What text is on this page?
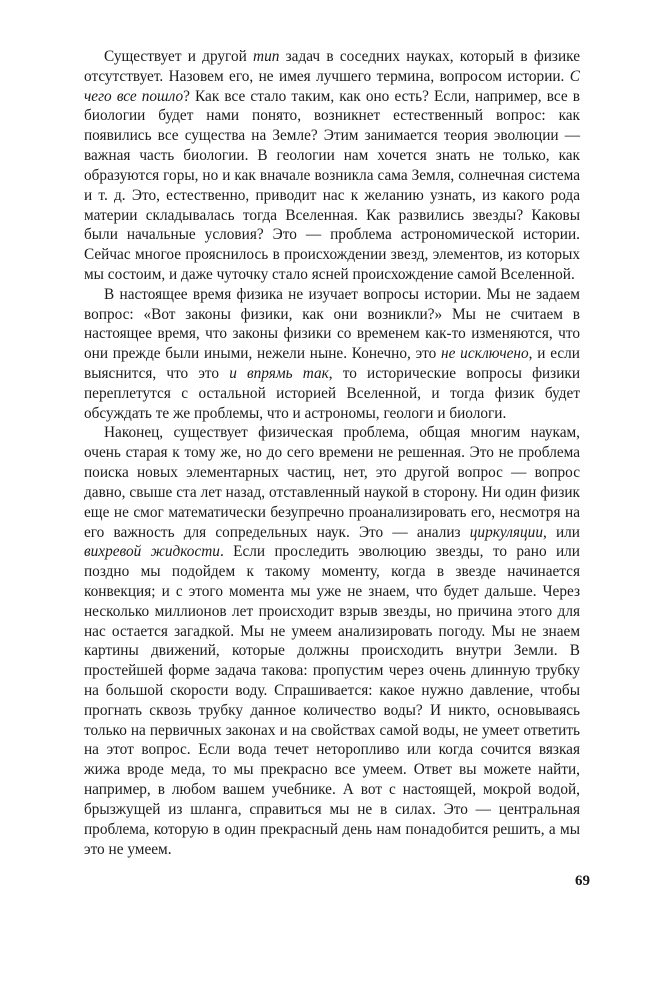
Существует и другой тип задач в соседних науках, который в физике отсутствует. Назовем его, не имея лучшего термина, вопросом истории. С чего все пошло? Как все стало таким, как оно есть? Если, например, все в биологии будет нами понято, возникнет естественный вопрос: как появились все существа на Земле? Этим занимается теория эволюции — важная часть биологии. В геологии нам хочется знать не только, как образуются горы, но и как вначале возникла сама Земля, солнечная система и т. д. Это, естественно, приводит нас к желанию узнать, из какого рода материи складывалась тогда Вселенная. Как развились звезды? Каковы были начальные условия? Это — проблема астрономической истории. Сейчас многое прояснилось в происхождении звезд, элементов, из которых мы состоим, и даже чуточку стало ясней происхождение самой Вселенной.

В настоящее время физика не изучает вопросы истории. Мы не задаем вопрос: «Вот законы физики, как они возникли?» Мы не считаем в настоящее время, что законы физики со временем как-то изменяются, что они прежде были иными, нежели ныне. Конечно, это не исключено, и если выяснится, что это и впрямь так, то исторические вопросы физики переплетутся с остальной историей Вселенной, и тогда физик будет обсуждать те же проблемы, что и астрономы, геологи и биологи.

Наконец, существует физическая проблема, общая многим наукам, очень старая к тому же, но до сего времени не решенная. Это не проблема поиска новых элементарных частиц, нет, это другой вопрос — вопрос давно, свыше ста лет назад, отставленный наукой в сторону. Ни один физик еще не смог математически безупречно проанализировать его, несмотря на его важность для сопредельных наук. Это — анализ циркуляции, или вихревой жидкости. Если проследить эволюцию звезды, то рано или поздно мы подойдем к такому моменту, когда в звезде начинается конвекция; и с этого момента мы уже не знаем, что будет дальше. Через несколько миллионов лет происходит взрыв звезды, но причина этого для нас остается загадкой. Мы не умеем анализировать погоду. Мы не знаем картины движений, которые должны происходить внутри Земли. В простейшей форме задача такова: пропустим через очень длинную трубку на большой скорости воду. Спрашивается: какое нужно давление, чтобы прогнать сквозь трубку данное количество воды? И никто, основываясь только на первичных законах и на свойствах самой воды, не умеет ответить на этот вопрос. Если вода течет неторопливо или когда сочится вязкая жижа вроде меда, то мы прекрасно все умеем. Ответ вы можете найти, например, в любом вашем учебнике. А вот с настоящей, мокрой водой, брызжущей из шланга, справиться мы не в силах. Это — центральная проблема, которую в один прекрасный день нам понадобится решить, а мы это не умеем.

69
